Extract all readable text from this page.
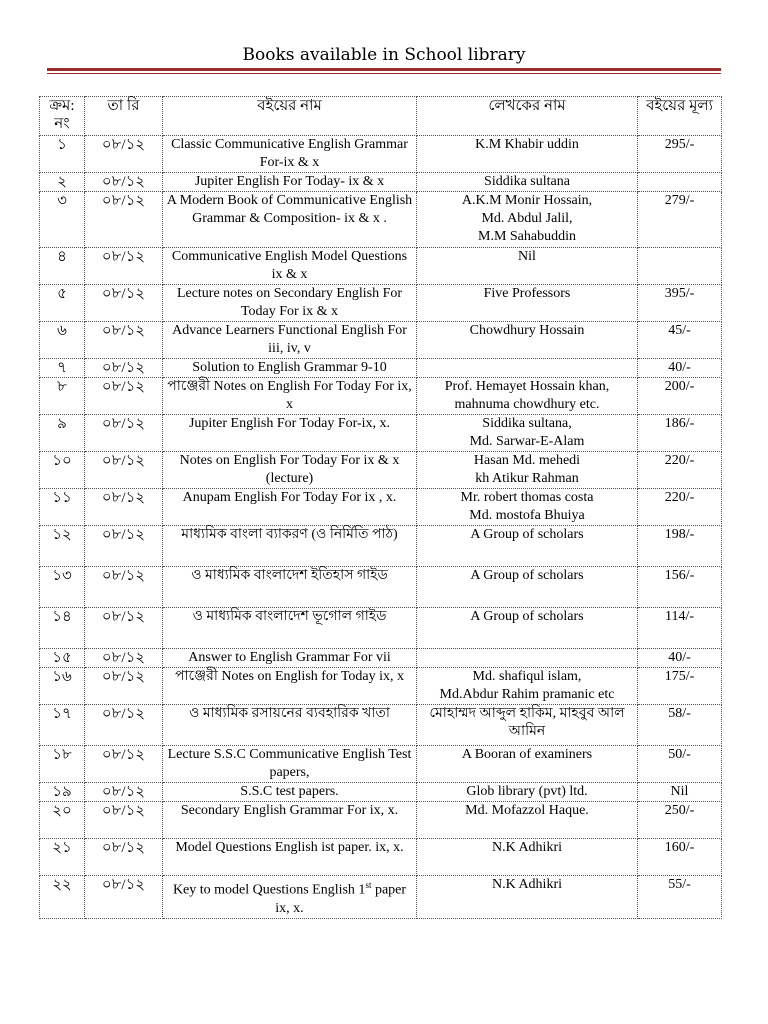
Books available in School library
ক্রম: নং	তা রি	বইয়ের নাম	লেখকের নাম	বইয়ের মূল্য
১	০৮/১২	Classic Communicative English Grammar For-ix & x	K.M Khabir uddin	295/-
২	০৮/১২	Jupiter English For Today- ix & x	Siddika sultana	
৩	০৮/১২	A Modern Book of Communicative English Grammar & Composition- ix & x .	A.K.M Monir Hossain,
Md. Abdul Jalil,
M.M Sahabuddin	279/-
৪	০৮/১২	Communicative English Model Questions ix & x	Nil	
৫	০৮/১২	Lecture notes on Secondary English For Today For ix & x	Five Professors	395/-
৬	০৮/১২	Advance Learners Functional English For iii, iv, v	Chowdhury Hossain	45/-
৭	০৮/১২	Solution to English Grammar 9-10		40/-
৮	০৮/১২	পাঞ্জেরী Notes on English For Today For ix, x	Prof. Hemayet Hossain khan,
mahnuma chowdhury etc.	200/-
৯	০৮/১২	Jupiter English For Today For-ix, x.	Siddika sultana,
Md. Sarwar-E-Alam	186/-
১০	০৮/১২	Notes on English For Today For ix & x (lecture)	Hasan Md. mehedi
kh Atikur Rahman	220/-
১১	০৮/১২	Anupam English For Today For ix , x.	Mr. robert thomas costa
Md. mostofa Bhuiya	220/-
১২	০৮/১২	মাধ্যমিক বাংলা ব্যাকরণ (ও নির্মিতি পাঠ)	A Group of scholars	198/-
১৩	০৮/১২	ও মাধ্যমিক বাংলাদেশ ইতিহাস গাইড	A Group of scholars	156/-
১৪	০৮/১২	ও মাধ্যমিক বাংলাদেশ ভূগোল গাইড	A Group of scholars	114/-
১৫	০৮/১২	Answer to English Grammar For vii		40/-
১৬	০৮/১২	পাঞ্জেরী Notes on English for Today ix, x	Md. shafiqul islam,
Md.Abdur Rahim pramanic etc	175/-
১৭	০৮/১২	ও মাধ্যমিক রসায়নের ব্যবহারিক খাতা	মোহাম্মদ আব্দুল হাকিম, মাহবুব আল আমিন	58/-
১৮	০৮/১২	Lecture S.S.C Communicative English Test papers,	A Booran of examiners	50/-
১৯	০৮/১২	S.S.C test papers.	Glob library (pvt) ltd.	Nil
২০	০৮/১২	Secondary English Grammar For ix, x.	Md. Mofazzol Haque.	250/-
২১	০৮/১২	Model Questions English ist paper. ix, x.	N.K Adhikri	160/-
২২	০৮/১২	Key to model Questions English 1st paper ix, x.	N.K Adhikri	55/-
